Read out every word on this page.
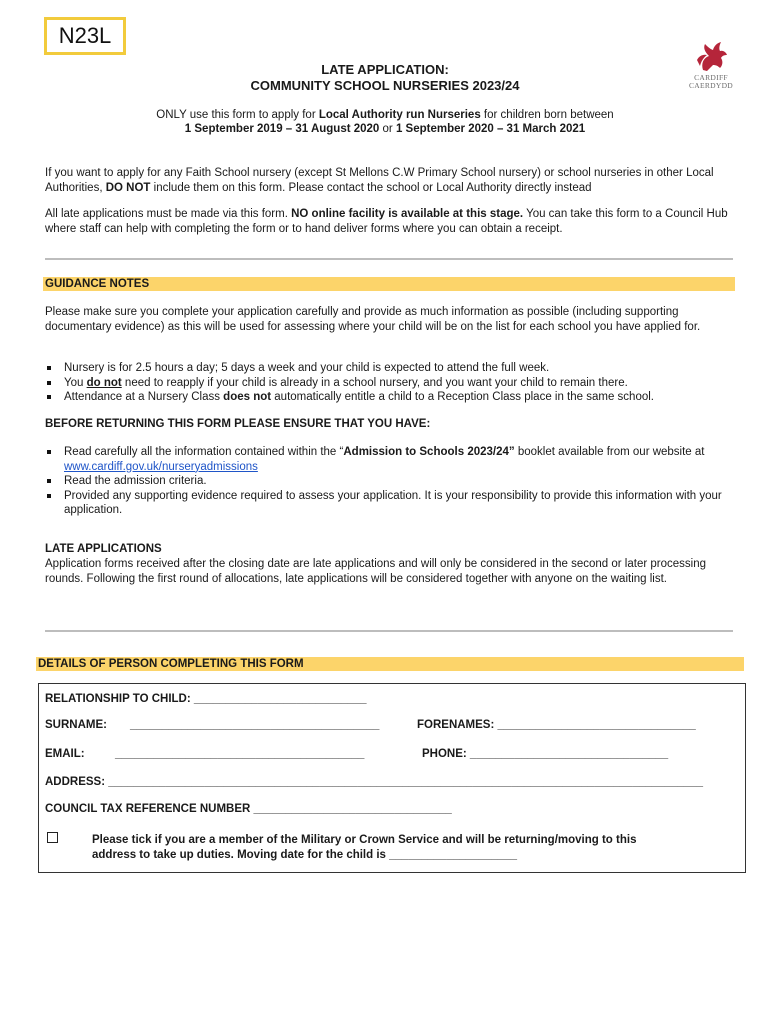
N23L
CARDIFF
CAERDYDD
LATE APPLICATION:
COMMUNITY SCHOOL NURSERIES 2023/24
ONLY use this form to apply for Local Authority run Nurseries for children born between
1 September 2019 – 31 August 2020 or 1 September 2020 – 31 March 2021
If you want to apply for any Faith School nursery (except St Mellons C.W Primary School nursery) or school nurseries in other Local Authorities, DO NOT include them on this form. Please contact the school or Local Authority directly instead
All late applications must be made via this form. NO online facility is available at this stage. You can take this form to a Council Hub where staff can help with completing the form or to hand deliver forms where you can obtain a receipt.
GUIDANCE NOTES
Please make sure you complete your application carefully and provide as much information as possible (including supporting documentary evidence) as this will be used for assessing where your child will be on the list for each school you have applied for.
Nursery is for 2.5 hours a day; 5 days a week and your child is expected to attend the full week.
You do not need to reapply if your child is already in a school nursery, and you want your child to remain there.
Attendance at a Nursery Class does not automatically entitle a child to a Reception Class place in the same school.
BEFORE RETURNING THIS FORM PLEASE ENSURE THAT YOU HAVE:
Read carefully all the information contained within the “Admission to Schools 2023/24” booklet available from our website at www.cardiff.gov.uk/nurseryadmissions
Read the admission criteria.
Provided any supporting evidence required to assess your application. It is your responsibility to provide this information with your application.
LATE APPLICATIONS
Application forms received after the closing date are late applications and will only be considered in the second or later processing rounds. Following the first round of allocations, late applications will be considered together with anyone on the waiting list.
DETAILS OF PERSON COMPLETING THIS FORM
RELATIONSHIP TO CHILD: ___________________________
SURNAME: _______________________________________	FORENAMES: _______________________________
EMAIL:	_______________________________________	PHONE: _______________________________
ADDRESS: _____________________________________________________________________________________________
COUNCIL TAX REFERENCE NUMBER _______________________________
Please tick if you are a member of the Military or Crown Service and will be returning/moving to this
address to take up duties. Moving date for the child is ____________________
